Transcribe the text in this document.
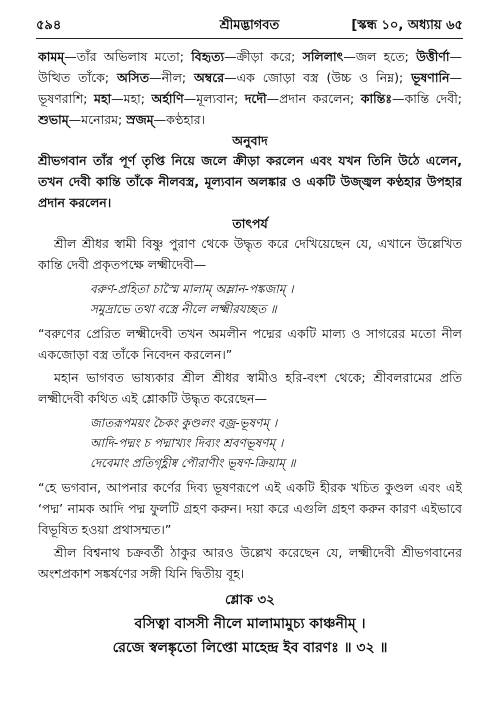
৫৯৪	শ্রীমদ্ভাগবত	[স্কন্ধ ১০, অধ্যায় ৬৫

কামম্—তাঁর অভিলাষ মতো; বিহৃত্য—ক্রীড়া করে; সলিলাৎ—জল হতে; উত্তীর্ণা—উত্থিত তাঁকে; অসিত—নীল; অম্বরে—এক জোড়া বস্ত্র (উচ্চ ও নিম্ন); ভূষণানি—ভূষণরাশি; মহা—মহা; অর্হাণি—মূল্যবান; দদৌ—প্রদান করলেন; কান্তিঃ—কান্তি দেবী; শুভাম্—মনোরম; স্রজম্—কণ্ঠহার।

অনুবাদ

শ্রীভগবান তাঁর পূর্ণ তৃপ্তি নিয়ে জলে ক্রীড়া করলেন এবং যখন তিনি উঠে এলেন, তখন দেবী কান্তি তাঁকে নীলবস্ত্র, মূল্যবান অলঙ্কার ও একটি উজ্জ্বল কণ্ঠহার উপহার প্রদান করলেন।

তাৎপর্য

শ্রীল শ্রীধর স্বামী বিষ্ণু পুরাণ থেকে উদ্ধৃত করে দেখিয়েছেন যে, এখানে উল্লেখিত কান্তি দেবী প্রকৃতপক্ষে লক্ষ্মীদেবী—

বরুণ-প্রহিতা চাস্মৈ মালাম্ অম্লান-পঙ্কজাম্ ।
সমুদ্রাভে তথা বস্ত্রে নীলে লক্ষ্মীরযচ্ছত ॥

“বরুণের প্রেরিত লক্ষ্মীদেবী তখন অমলীন পদ্মের একটি মাল্য ও সাগরের মতো নীল একজোড়া বস্ত্র তাঁকে নিবেদন করলেন।”

মহান ভাগবত ভাষ্যকার শ্রীল শ্রীধর স্বামীও হরি-বংশ থেকে; শ্রীবলরামের প্রতি লক্ষ্মীদেবী কথিত এই শ্লোকটি উদ্ধৃত করেছেন—

জাতরূপময়ং চৈকং কুণ্ডলং বজ্র-ভূষণম্ ।
আদি-পদ্মং চ পদ্মাখ্যং দিব্যং শ্রবণভূষণম্ ।
দেবেমাং প্রতিগৃহ্ণীষ্ব পৌরাণীং ভূষণ-ক্রিয়াম্ ॥

“হে ভগবান, আপনার কর্ণের দিব্য ভূষণরূপে এই একটি হীরক খচিত কুণ্ডল এবং এই ‘পদ্ম’ নামক আদি পদ্ম ফুলটি গ্রহণ করুন। দয়া করে এগুলি গ্রহণ করুন কারণ এইভাবে বিভূষিত হওয়া প্রথাসম্মত।”

শ্রীল বিশ্বনাথ চক্রবর্তী ঠাকুর আরও উল্লেখ করেছেন যে, লক্ষ্মীদেবী শ্রীভগবানের অংশপ্রকাশ সঙ্কর্ষণের সঙ্গী যিনি দ্বিতীয় বূহ।

শ্লোক ৩২
বসিত্বা বাসসী নীলে মালামামুচ্য কাঞ্চনীম্ ।
রেজে স্বলঙ্কৃতো লিপ্তো মাহেন্দ্র ইব বারণঃ ॥ ৩২ ॥
